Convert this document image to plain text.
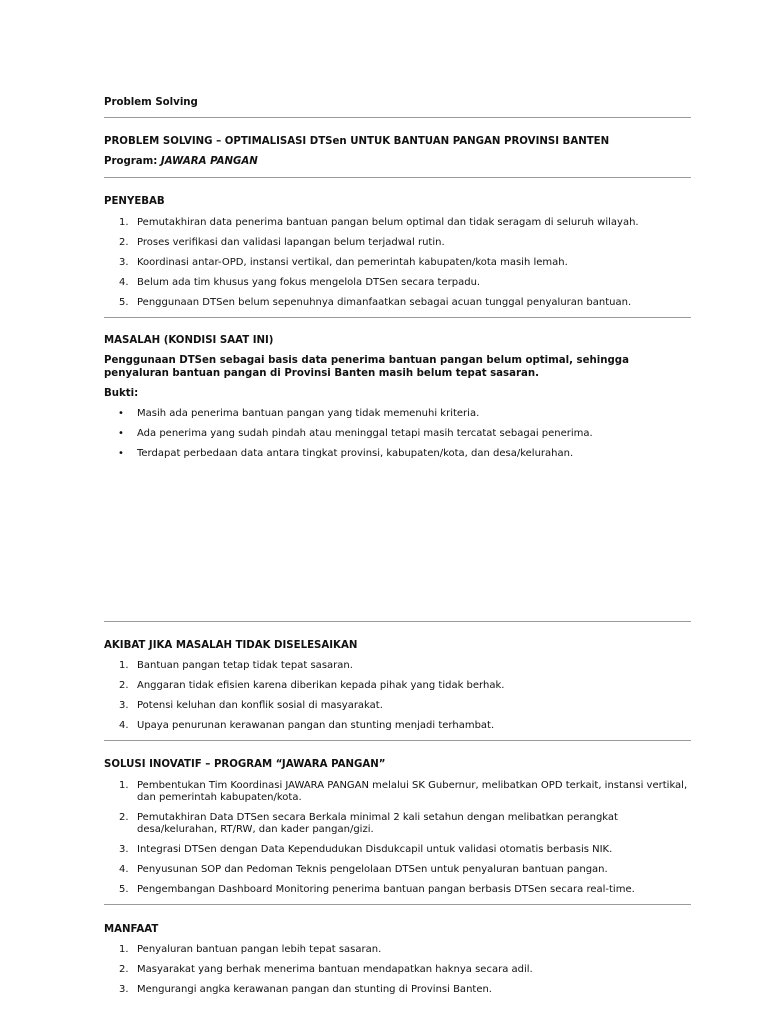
Problem Solving
PROBLEM SOLVING – OPTIMALISASI DTSen UNTUK BANTUAN PANGAN PROVINSI BANTEN
Program: JAWARA PANGAN
PENYEBAB
1. Pemutakhiran data penerima bantuan pangan belum optimal dan tidak seragam di seluruh wilayah.
2. Proses verifikasi dan validasi lapangan belum terjadwal rutin.
3. Koordinasi antar-OPD, instansi vertikal, dan pemerintah kabupaten/kota masih lemah.
4. Belum ada tim khusus yang fokus mengelola DTSen secara terpadu.
5. Penggunaan DTSen belum sepenuhnya dimanfaatkan sebagai acuan tunggal penyaluran bantuan.
MASALAH (KONDISI SAAT INI)
Penggunaan DTSen sebagai basis data penerima bantuan pangan belum optimal, sehingga penyaluran bantuan pangan di Provinsi Banten masih belum tepat sasaran.
Bukti:
• Masih ada penerima bantuan pangan yang tidak memenuhi kriteria.
• Ada penerima yang sudah pindah atau meninggal tetapi masih tercatat sebagai penerima.
• Terdapat perbedaan data antara tingkat provinsi, kabupaten/kota, dan desa/kelurahan.
AKIBAT JIKA MASALAH TIDAK DISELESAIKAN
1. Bantuan pangan tetap tidak tepat sasaran.
2. Anggaran tidak efisien karena diberikan kepada pihak yang tidak berhak.
3. Potensi keluhan dan konflik sosial di masyarakat.
4. Upaya penurunan kerawanan pangan dan stunting menjadi terhambat.
SOLUSI INOVATIF – PROGRAM “JAWARA PANGAN”
1. Pembentukan Tim Koordinasi JAWARA PANGAN melalui SK Gubernur, melibatkan OPD terkait, instansi vertikal, dan pemerintah kabupaten/kota.
2. Pemutakhiran Data DTSen secara Berkala minimal 2 kali setahun dengan melibatkan perangkat desa/kelurahan, RT/RW, dan kader pangan/gizi.
3. Integrasi DTSen dengan Data Kependudukan Disdukcapil untuk validasi otomatis berbasis NIK.
4. Penyusunan SOP dan Pedoman Teknis pengelolaan DTSen untuk penyaluran bantuan pangan.
5. Pengembangan Dashboard Monitoring penerima bantuan pangan berbasis DTSen secara real-time.
MANFAAT
1. Penyaluran bantuan pangan lebih tepat sasaran.
2. Masyarakat yang berhak menerima bantuan mendapatkan haknya secara adil.
3. Mengurangi angka kerawanan pangan dan stunting di Provinsi Banten.
